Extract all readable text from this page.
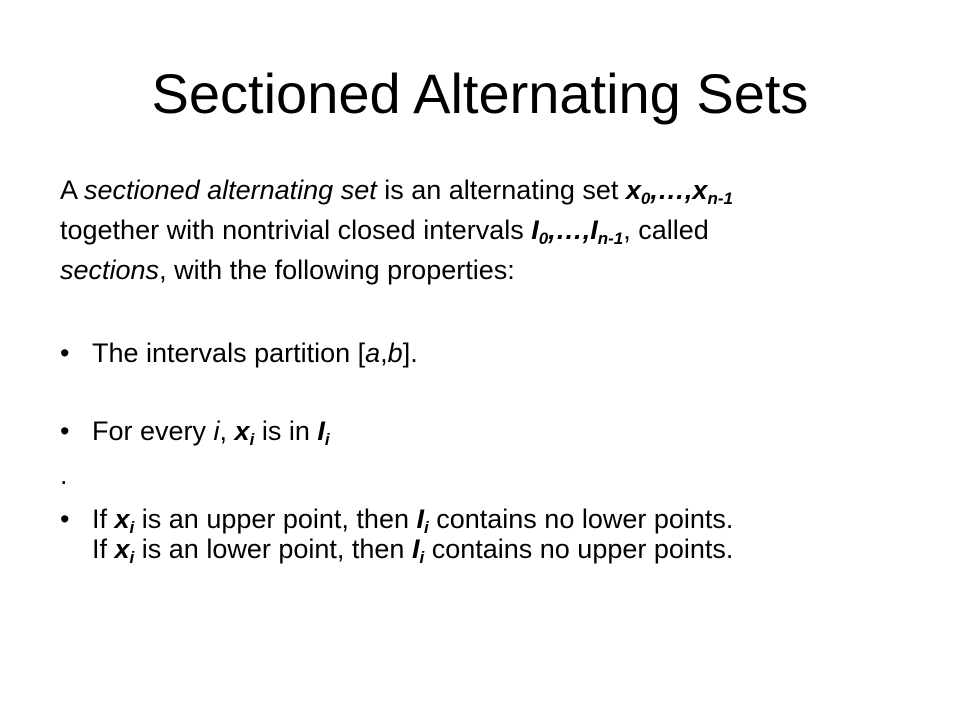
Sectioned Alternating Sets

A sectioned alternating set is an alternating set $x_0,\dots,x_{n-1}$
together with nontrivial closed intervals $I_0,\dots,I_{n-1}$, called
sections, with the following properties:

• The intervals partition [a,b].
• For every i, $x_i$ is in $I_i$
.
• If $x_i$ is an upper point, then $I_i$ contains no lower points.
If $x_i$ is an lower point, then $I_i$ contains no upper points.
